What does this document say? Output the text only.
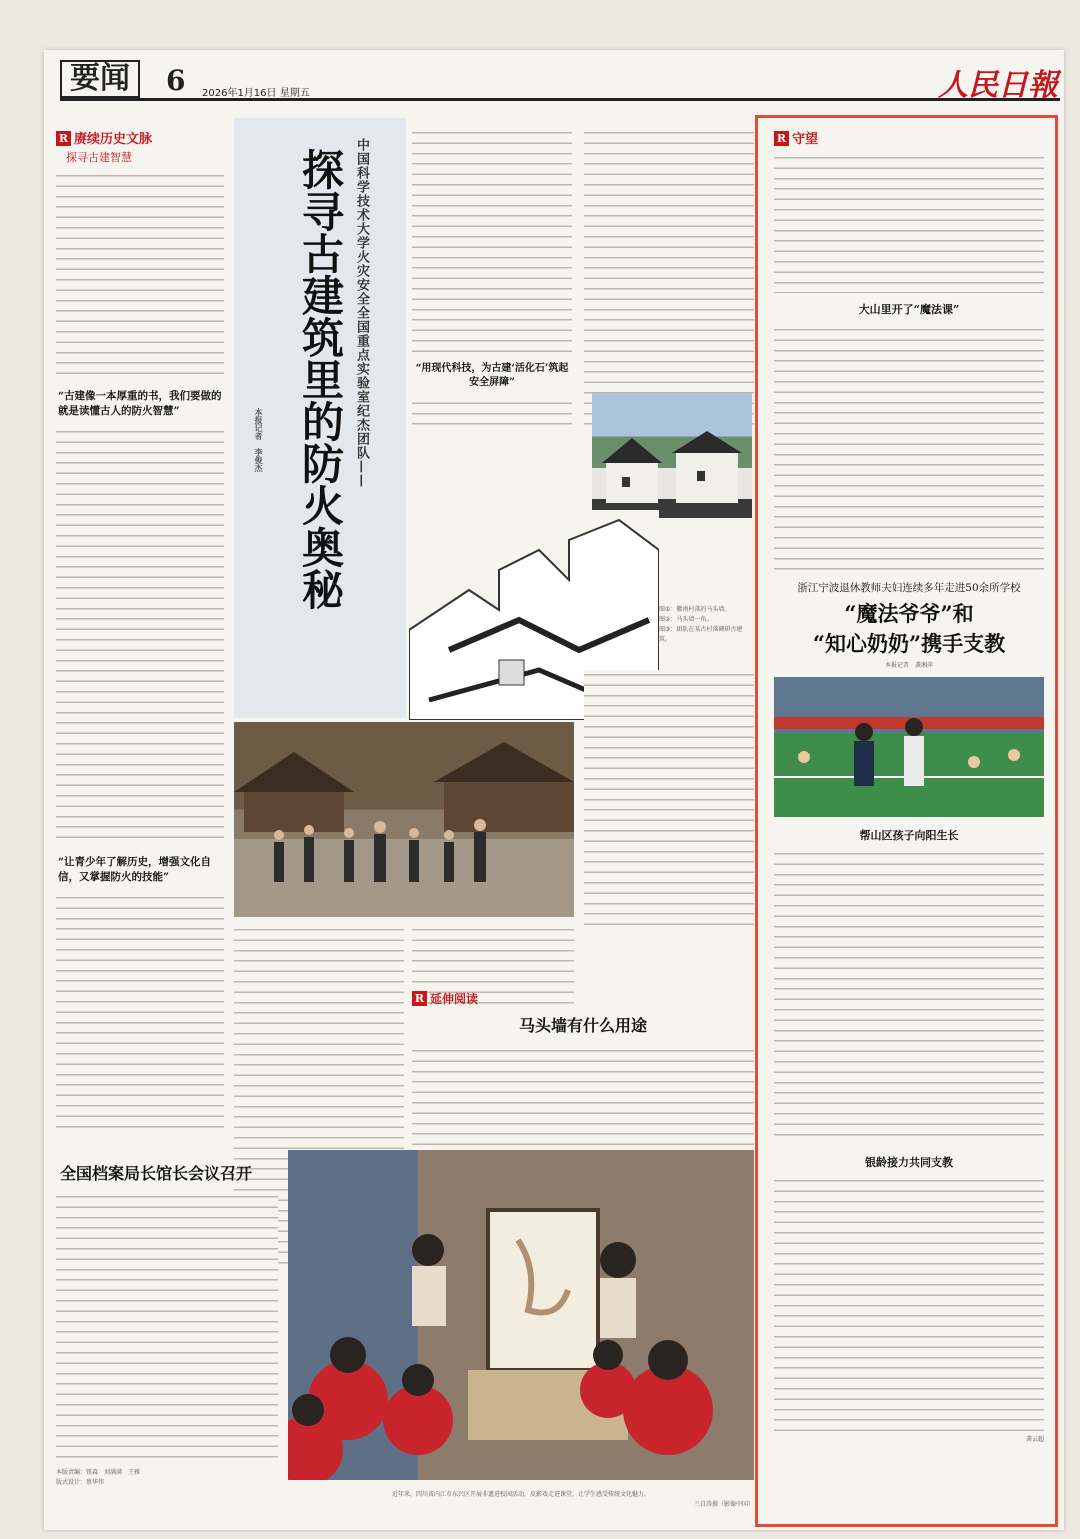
要闻	6 2026年1月16日 星期五	人民日報
R 赓续历史文脉
探寻古建智慧
“古建像一本厚重的书，我们要做的就是读懂古人的防火智慧”
“让青少年了解历史，增强文化自信，又掌握防火的技能”
中国科学技术大学火灾安全全国重点实验室纪杰团队——
探寻古建筑里的防火奥秘
本报记者　李俊杰
“用现代科技，为古建‘活化石’筑起安全屏障”
图①：徽南村落的马头墙。
图②：马头墙一角。
图③：团队在某古村落调研古建筑。
R 延伸阅读
马头墙有什么用途
全国档案局长馆长会议召开
本版责编：钮森　刘满满　王雅
版式设计：蔡华伟
近年来，四川省内江市东兴区开展非遗进校园活动，皮影戏走进课堂，让学生感受传统文化魅力。
兰自涛摄（影像中国）
R 守望
大山里开了“魔法课”
浙江宁波退休教师夫妇连续多年走进50余所学校
“魔法爷爷”和
“知心奶奶”携手支教
本报记者　龚湘萍
帮山区孩子向阳生长
银龄接力共同支教
龚云超
